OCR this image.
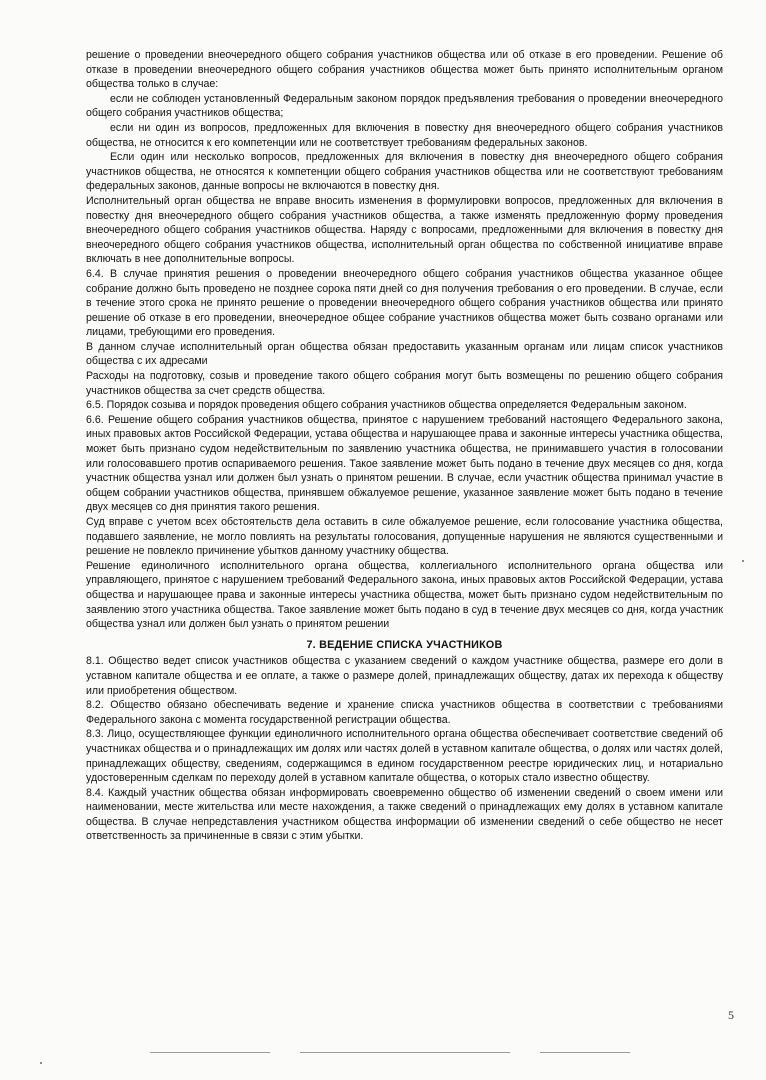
решение о проведении внеочередного общего собрания участников общества или об отказе в его проведении. Решение об отказе в проведении внеочередного общего собрания участников общества может быть принято исполнительным органом общества только в случае:

если не соблюден установленный Федеральным законом порядок предъявления требования о проведении внеочередного общего собрания участников общества;

если ни один из вопросов, предложенных для включения в повестку дня внеочередного общего собрания участников общества, не относится к его компетенции или не соответствует требованиям федеральных законов.

Если один или несколько вопросов, предложенных для включения в повестку дня внеочередного общего собрания участников общества, не относятся к компетенции общего собрания участников общества или не соответствуют требованиям федеральных законов, данные вопросы не включаются в повестку дня.

Исполнительный орган общества не вправе вносить изменения в формулировки вопросов, предложенных для включения в повестку дня внеочередного общего собрания участников общества, а также изменять предложенную форму проведения внеочередного общего собрания участников общества. Наряду с вопросами, предложенными для включения в повестку дня внеочередного общего собрания участников общества, исполнительный орган общества по собственной инициативе вправе включать в нее дополнительные вопросы.

6.4. В случае принятия решения о проведении внеочередного общего собрания участников общества указанное общее собрание должно быть проведено не позднее сорока пяти дней со дня получения требования о его проведении. В случае, если в течение этого срока не принято решение о проведении внеочередного общего собрания участников общества или принято решение об отказе в его проведении, внеочередное общее собрание участников общества может быть созвано органами или лицами, требующими его проведения.

В данном случае исполнительный орган общества обязан предоставить указанным органам или лицам список участников общества с их адресами

Расходы на подготовку, созыв и проведение такого общего собрания могут быть возмещены по решению общего собрания участников общества за счет средств общества.

6.5. Порядок созыва и порядок проведения общего собрания участников общества определяется Федеральным законом.

6.6. Решение общего собрания участников общества, принятое с нарушением требований настоящего Федерального закона, иных правовых актов Российской Федерации, устава общества и нарушающее права и законные интересы участника общества, может быть признано судом недействительным по заявлению участника общества, не принимавшего участия в голосовании или голосовавшего против оспариваемого решения. Такое заявление может быть подано в течение двух месяцев со дня, когда участник общества узнал или должен был узнать о принятом решении. В случае, если участник общества принимал участие в общем собрании участников общества, принявшем обжалуемое решение, указанное заявление может быть подано в течение двух месяцев со дня принятия такого решения.

Суд вправе с учетом всех обстоятельств дела оставить в силе обжалуемое решение, если голосование участника общества, подавшего заявление, не могло повлиять на результаты голосования, допущенные нарушения не являются существенными и решение не повлекло причинение убытков данному участнику общества.

Решение единоличного исполнительного органа общества, коллегиального исполнительного органа общества или управляющего, принятое с нарушением требований Федерального закона, иных правовых актов Российской Федерации, устава общества и нарушающее права и законные интересы участника общества, может быть признано судом недействительным по заявлению этого участника общества. Такое заявление может быть подано в суд в течение двух месяцев со дня, когда участник общества узнал или должен был узнать о принятом решении

7. ВЕДЕНИЕ СПИСКА УЧАСТНИКОВ

8.1. Общество ведет список участников общества с указанием сведений о каждом участнике общества, размере его доли в уставном капитале общества и ее оплате, а также о размере долей, принадлежащих обществу, датах их перехода к обществу или приобретения обществом.

8.2. Общество обязано обеспечивать ведение и хранение списка участников общества в соответствии с требованиями Федерального закона с момента государственной регистрации общества.

8.3. Лицо, осуществляющее функции единоличного исполнительного органа общества обеспечивает соответствие сведений об участниках общества и о принадлежащих им долях или частях долей в уставном капитале общества, о долях или частях долей, принадлежащих обществу, сведениям, содержащимся в едином государственном реестре юридических лиц, и нотариально удостоверенным сделкам по переходу долей в уставном капитале общества, о которых стало известно обществу.

8.4. Каждый участник общества обязан информировать своевременно общество об изменении сведений о своем имени или наименовании, месте жительства или месте нахождения, а также сведений о принадлежащих ему долях в уставном капитале общества. В случае непредставления участником общества информации об изменении сведений о себе общество не несет ответственность за причиненные в связи с этим убытки.

5
